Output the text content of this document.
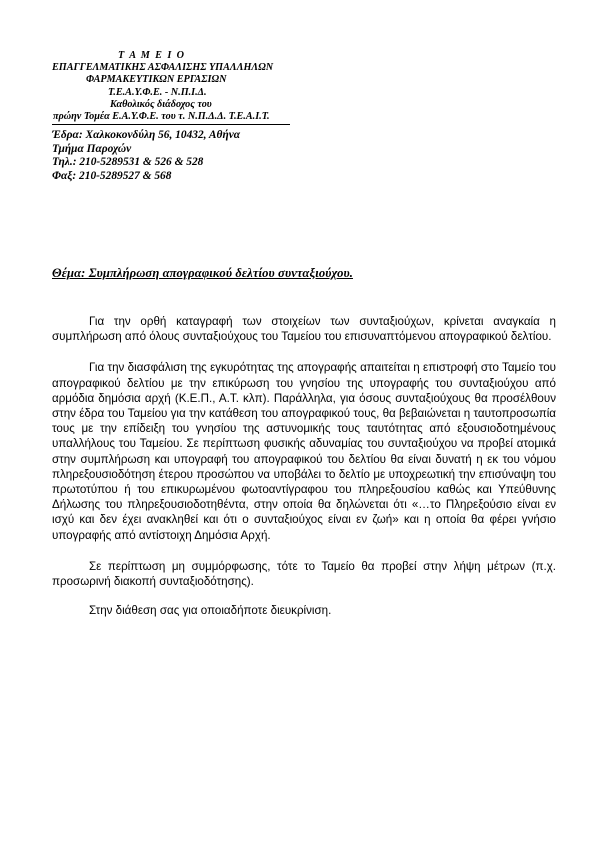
Τ Α Μ Ε Ι Ο
ΕΠΑΓΓΕΛΜΑΤΙΚΗΣ ΑΣΦΑΛΙΣΗΣ ΥΠΑΛΛΗΛΩΝ
ΦΑΡΜΑΚΕΥΤΙΚΩΝ ΕΡΓΑΣΙΩΝ
Τ.Ε.Α.Υ.Φ.Ε. - Ν.Π.Ι.Δ.
Καθολικός διάδοχος του
πρώην Τομέα Ε.Α.Υ.Φ.Ε. του τ. Ν.Π.Δ.Δ. Τ.Ε.Α.Ι.Τ.
Έδρα: Χαλκοκονδύλη 56, 10432, Αθήνα
Τμήμα Παροχών
Τηλ.: 210-5289531 & 526 & 528
Φαξ: 210-5289527 & 568
Θέμα: Συμπλήρωση απογραφικού δελτίου συνταξιούχου.

Για την ορθή καταγραφή των στοιχείων των συνταξιούχων, κρίνεται αναγκαία η συμπλήρωση από όλους συνταξιούχους του Ταμείου του επισυναπτόμενου απογραφικού δελτίου.

Για την διασφάλιση της εγκυρότητας της απογραφής απαιτείται η επιστροφή στο Ταμείο του απογραφικού δελτίου με την επικύρωση του γνησίου της υπογραφής του συνταξιούχου από αρμόδια δημόσια αρχή (Κ.Ε.Π., Α.Τ. κλπ). Παράλληλα, για όσους συνταξιούχους θα προσέλθουν στην έδρα του Ταμείου για την κατάθεση του απογραφικού τους, θα βεβαιώνεται η ταυτοπροσωπία τους με την επίδειξη του γνησίου της αστυνομικής τους ταυτότητας από εξουσιοδοτημένους υπαλλήλους του Ταμείου. Σε περίπτωση φυσικής αδυναμίας του συνταξιούχου να προβεί ατομικά στην συμπλήρωση και υπογραφή του απογραφικού του δελτίου θα είναι δυνατή η εκ του νόμου πληρεξουσιοδότηση έτερου προσώπου να υποβάλει το δελτίο με υποχρεωτική την επισύναψη του πρωτοτύπου ή του επικυρωμένου φωτοαντίγραφου του πληρεξουσίου καθώς και Υπεύθυνης Δήλωσης του πληρεξουσιοδοτηθέντα, στην οποία θα δηλώνεται ότι «…το Πληρεξούσιο είναι εν ισχύ και δεν έχει ανακληθεί και ότι ο συνταξιούχος είναι εν ζωή» και η οποία θα φέρει γνήσιο υπογραφής από αντίστοιχη Δημόσια Αρχή.

Σε περίπτωση μη συμμόρφωσης, τότε το Ταμείο θα προβεί στην λήψη μέτρων (π.χ. προσωρινή διακοπή συνταξιοδότησης).

Στην διάθεση σας για οποιαδήποτε διευκρίνιση.
